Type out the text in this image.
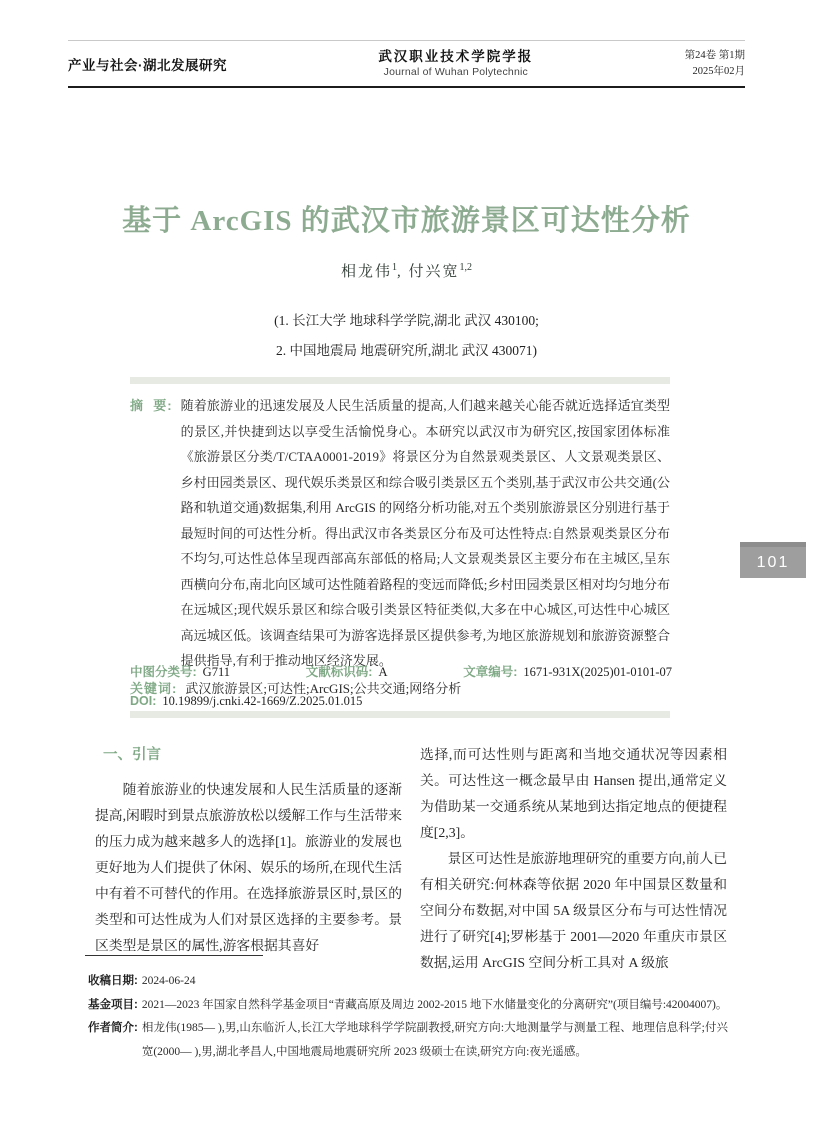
产业与社会·湖北发展研究
武汉职业技术学院学报
Journal of Wuhan Polytechnic
第24卷 第1期
2025年02月
基于 ArcGIS 的武汉市旅游景区可达性分析
相龙伟$^1$, 付兴宽$^{1,2}$
(1. 长江大学 地球科学学院,湖北 武汉 430100;
2. 中国地震局 地震研究所,湖北 武汉 430071)
摘  要: 随着旅游业的迅速发展及人民生活质量的提高,人们越来越关心能否就近选择适宜类型的景区,并快捷到达以享受生活愉悦身心。本研究以武汉市为研究区,按国家团体标准《旅游景区分类/T/CTAA0001-2019》将景区分为自然景观类景区、人文景观类景区、乡村田园类景区、现代娱乐类景区和综合吸引类景区五个类别,基于武汉市公共交通(公路和轨道交通)数据集,利用 ArcGIS 的网络分析功能,对五个类别旅游景区分别进行基于最短时间的可达性分析。得出武汉市各类景区分布及可达性特点:自然景观类景区分布不均匀,可达性总体呈现西部高东部低的格局;人文景观类景区主要分布在主城区,呈东西横向分布,南北向区域可达性随着路程的变远而降低;乡村田园类景区相对均匀地分布在远城区;现代娱乐景区和综合吸引类景区特征类似,大多在中心城区,可达性中心城区高远城区低。该调查结果可为游客选择景区提供参考,为地区旅游规划和旅游资源整合提供指导,有利于推动地区经济发展。
关键词: 武汉旅游景区;可达性;ArcGIS;公共交通;网络分析
中图分类号: G711	文献标识码: A	文章编号: 1671-931X(2025)01-0101-07
DOI: 10.19899/j.cnki.42-1669/Z.2025.01.015
一、引言

随着旅游业的快速发展和人民生活质量的逐渐提高,闲暇时到景点旅游放松以缓解工作与生活带来的压力成为越来越多人的选择[1]。旅游业的发展也更好地为人们提供了休闲、娱乐的场所,在现代生活中有着不可替代的作用。在选择旅游景区时,景区的类型和可达性成为人们对景区选择的主要参考。景区类型是景区的属性,游客根据其喜好

选择,而可达性则与距离和当地交通状况等因素相关。可达性这一概念最早由 Hansen 提出,通常定义为借助某一交通系统从某地到达指定地点的便捷程度[2,3]。

景区可达性是旅游地理研究的重要方向,前人已有相关研究:何林森等依据 2020 年中国景区数量和空间分布数据,对中国 5A 级景区分布与可达性情况进行了研究[4];罗彬基于 2001—2020 年重庆市景区数据,运用 ArcGIS 空间分析工具对 A 级旅

收稿日期: 2024-06-24
基金项目: 2021—2023 年国家自然科学基金项目“青藏高原及周边 2002-2015 地下水储量变化的分离研究”(项目编号:42004007)。
作者简介: 相龙伟(1985— ),男,山东临沂人,长江大学地球科学学院副教授,研究方向:大地测量学与测量工程、地理信息科学;付兴宽(2000— ),男,湖北孝昌人,中国地震局地震研究所 2023 级硕士在读,研究方向:夜光遥感。
101
